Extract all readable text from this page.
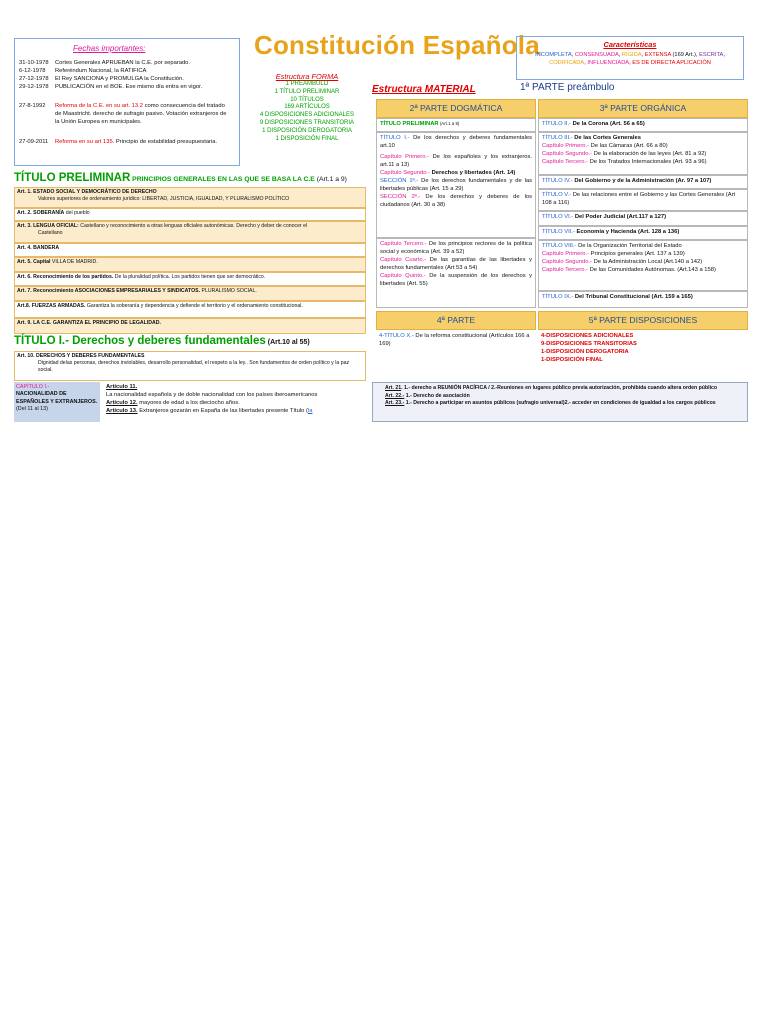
Fechas importantes:
31-10-1978	Cortes Generales APRUEBAN la C.E. por separado.
6-12-1978	Referéndum Nacional, la RATIFICA
27-12-1978	El Rey SANCIONA y PROMULGA la Constitución.
29-12-1978	PUBLICACIÓN en el BOE. Ese mismo día entra en vigor.
27-8-1992	Reforma de la C.E. en su art. 13.2 como consecuencia del tratado de Maastricht. derecho de sufragio pasivo. Votación extranjeros de la Unión Europea en municipales.
27-09-2011	Reforma en su art 135. Principio de estabilidad presupuestaria.
Constitución Española
Estructura FORMA
1 PREAMBULO
1 TÍTULO PRELIMINAR
10 TÍTULOS
169 ARTÍCULOS
4 DISPOSICIONES ADICIONALES
9 DISPOSICIONES TRANSITORIA
1 DISPOSICIÓN DEROGATORIA
1 DISPOSICIÓN FINAL
Características
INCOMPLETA, CONSENSUADA, RÍGIDA, EXTENSA (169 Art.), ESCRITA, CODIFICADA, INFLUENCIADA, ES DE DIRECTA APLICACIÓN
Estructura MATERIAL	1ª PARTE preámbulo
2ª PARTE DOGMÁTICA	3ª PARTE ORGÁNICA
TÍTULO PRELIMINAR (Art.1 a 9)
TÍTULO I.- De los derechos y deberes fundamentales art.10
Capítulo Primero.- De los españoles y los extranjeros. art.11 a 13)
Capítulo Segundo.- Derechos y libertades (Art. 14)
SECCIÓN 1ª.- De los derechos fundamentales y de las libertades públicas (Art. 15 a 29)
SECCIÓN 2ª.- De los derechos y deberes de los ciudadanos (Art. 30 a 38)
Capítulo Tercero.- De los principios rectores de la política social y económica (Art. 39 a 52)
Capítulo Cuarto.- De las garantías de las libertades y derechos fundamentales (Art 53 a 54)
Capítulo Quinto.- De la suspensión de los derechos y libertades (Art. 55)
TÍTULO II.- De la Corona (Art. 56 a 65)
TÍTULO III.- De las Cortes Generales
Capítulo Primero.- De las Cámaras (Art. 66 a 80)
Capítulo Segundo.- De la elaboración de las leyes (Art. 81 a 92)
Capítulo Tercero.- De los Tratados Internacionales (Art. 93 a 96)
TÍTULO IV.- Del Gobierno y de la Administración (Ar. 97 a 107)
TÍTULO V.- De las relaciones entre el Gobierno y las Cortes Generales (Art 108 a 116)
TÍTULO VI.- Del Poder Judicial (Art.117 a 127)
TÍTULO VII.- Economía y Hacienda (Art. 128 a 136)
TÍTULO VIII.- De la Organización Territorial del Estado
Capítulo Primero.- Principios generales (Art. 137 a 139)
Capítulo Segundo.- De la Administración Local (Art.140 a 142)
Capítulo Tercero.- De las Comunidades Autónomas. (Art.143 a 158)
TÍTULO IX.- Del Tribunal Constitucional (Art. 159 a 165)
4ª PARTE	5ª PARTE DISPOSICIONES
4-TÍTULO X.- De la reforma constitucional (Artículos 166 a 169)
4-DISPOSICIONES ADICIONALES
9-DISPOSICIONES TRANSITORIAS
1-DISPOSICIÓN DEROGATORIA
1-DISPOSICIÓN FINAL
TÍTULO PRELIMINAR PRINCIPIOS GENERALES EN LAS QUE SE BASA LA C.E (Art.1 a 9)
Art. 1. ESTADO SOCIAL Y DEMOCRÁTICO DE DERECHO
Valores superiores de ordenamiento jurídico: LIBERTAD, JUSTICIA, IGUALDAD, Y PLURALISMO POLÍTICO
Art. 2. SOBERANÍA del pueblo
Art. 3. LENGUA OFICIAL: Castellano y reconocimiento a otras lenguas oficiales autonómicas. Derecho y deber de conocer el
Castellano
Art. 4. BANDERA
Art. 5. Capital VILLA DE MADRID.
Art. 6. Reconocimiento de los partidos. De la pluralidad política. Los partidos tienen que ser democrático.
Art. 7. Reconocimiento ASOCIACIONES EMPRESARIALES Y SINDICATOS. PLURALISMO SOCIAL.
Art.8. FUERZAS ARMADAS. Garantiza la soberanía y dependencia y defiende el territorio y el ordenamiento constitucional.
Art. 9. LA C.E. GARANTIZA EL PRINCIPIO DE LEGALIDAD.
TÍTULO I.- Derechos y deberes fundamentales (Art.10 al 55)
Art. 10. DERECHOS Y DEBERES FUNDAMENTALES
Dignidad delas personas, derechos inviolables, desarrollo personalidad, el respeto a la ley.. Son fundamentos de orden político y la paz social.
CAPÍTULO I.-
NACIONALIDAD DE ESPAÑOLES Y EXTRANJEROS.
(Del 11 al 13)
Artículo 11.
La nacionalidad española y de doble nacionalidad con los países iberoamericanos
Artículo 12. mayores de edad a los dieciocho años.
Artículo 13. Extranjeros gozarán en España de las libertades presente Título (la
Art. 21. 1.- derecho a REUNIÓN PACÍFICA / 2.-Reuniones en lugares público previa autorización, prohibida cuando altera orden público
Art. 22.- 1.- Derecho de asociación
Art. 23.- 1.- Derecho a participar en asuntos públicos (sufragio universal)2.- acceder en condiciones de igualdad a los cargos públicos
